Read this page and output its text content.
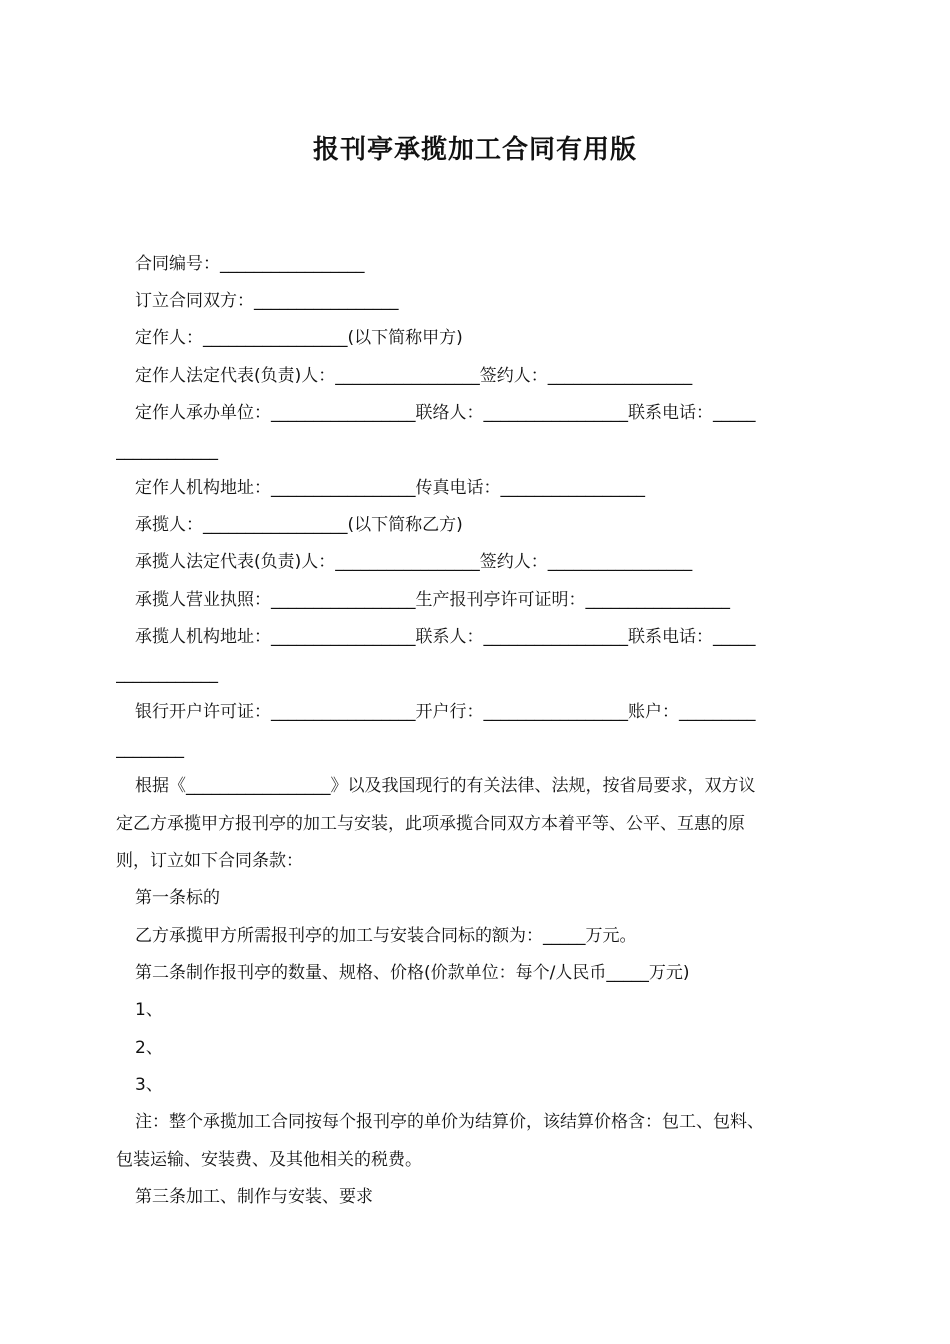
报刊亭承揽加工合同有用版
合同编号：_________________
订立合同双方：_________________
定作人：_________________(以下简称甲方)
定作人法定代表(负责)人：_________________签约人：_________________
定作人承办单位：_________________联络人：_________________联系电话：_____
____________
定作人机构地址：_________________传真电话：_________________
承揽人：_________________(以下简称乙方)
承揽人法定代表(负责)人：_________________签约人：_________________
承揽人营业执照：_________________生产报刊亭许可证明：_________________
承揽人机构地址：_________________联系人：_________________联系电话：_____
____________
银行开户许可证：_________________开户行：_________________账户：_________
________
根据《_________________》以及我国现行的有关法律、法规，按省局要求，双方议
定乙方承揽甲方报刊亭的加工与安装，此项承揽合同双方本着平等、公平、互惠的原
则，订立如下合同条款：
第一条标的
乙方承揽甲方所需报刊亭的加工与安装合同标的额为：_____万元。
第二条制作报刊亭的数量、规格、价格(价款单位：每个/人民币_____万元)
1、
2、
3、
注：整个承揽加工合同按每个报刊亭的单价为结算价，该结算价格含：包工、包料、
包装运输、安装费、及其他相关的税费。
第三条加工、制作与安装、要求
